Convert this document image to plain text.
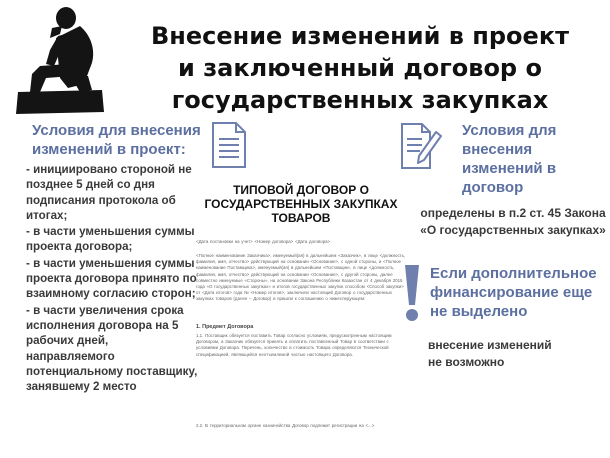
Внесение изменений в проект и заключенный договор о государственных закупках
Условия для внесения изменений в проект:

- инициировано стороной не позднее 5 дней со дня подписания протокола об итогах;

- в части уменьшения суммы проекта договора;

- в части уменьшения суммы проекта договора принято по взаимному согласию сторон;

- в части увеличения срока исполнения договора на 5 рабочих дней, направляемого потенциальному поставщику, занявшему 2 место

ТИПОВОЙ ДОГОВОР О ГОСУДАРСТВЕННЫХ ЗАКУПКАХ ТОВАРОВ
<Дата постановки на учет> <Номер договора> <Дата договора>
<Полное наименование Заказчика>, именуемый(ая) в дальнейшем «Заказчик», в лице <должность, фамилия, имя, отчество> действующий на основании <Основание>, с одной стороны, и <Полное наименование Поставщика>, именуемый(ая) в дальнейшем «Поставщик», в лице <должность, фамилия, имя, отчество> действующий на основании <Основание>, с другой стороны, далее совместно именуемые «Стороны», на основании Закона Республики Казахстан от 4 декабря 2015 года «О государственных закупках» и итогов государственных закупок способом <Способ закупки> от <Дата итогов> года № <Номер итогов>, заключили настоящий Договор о государственных закупках товаров (далее – Договор) и пришли к соглашению о нижеследующем:
1. Предмет Договора
1.1. Поставщик обязуется поставить Товар согласно условиям, предусмотренным настоящим Договором, а Заказчик обязуется принять и оплатить поставленный Товар в соответствии с условиями Договора. Перечень, количество и стоимость Товара определяются Технической спецификацией, являющейся неотъемлемой частью настоящего Договора.
2.2. В территориальном органе казначейства Договор подлежит регистрации на <...>
Условия для внесения изменений в договор
определены в п.2 ст. 45 Закона «О государственных закупках»
Если дополнительное финансирование еще не выделено
внесение изменений не возможно
